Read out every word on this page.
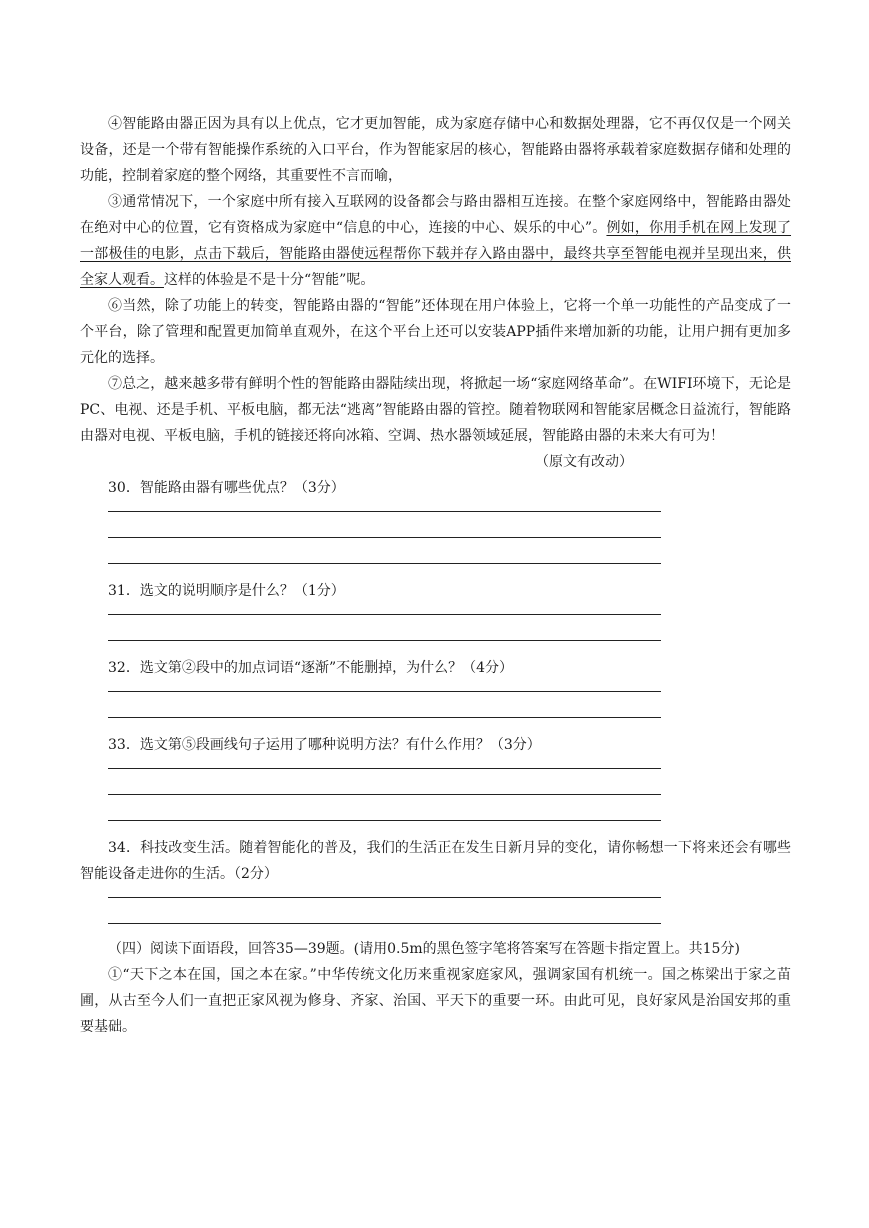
④智能路由器正因为具有以上优点，它才更加智能，成为家庭存储中心和数据处理器，它不再仅仅是一个网关设备，还是一个带有智能操作系统的入口平台，作为智能家居的核心，智能路由器将承载着家庭数据存储和处理的功能，控制着家庭的整个网络，其重要性不言而喻，

③通常情况下，一个家庭中所有接入互联网的设备都会与路由器相互连接。在整个家庭网络中，智能路由器处在绝对中心的位置，它有资格成为家庭中“信息的中心，连接的中心、娱乐的中心”。例如，你用手机在网上发现了一部极佳的电影，点击下载后，智能路由器使远程帮你下载并存入路由器中，最终共享至智能电视并呈现出来，供全家人观看。这样的体验是不是十分“智能”呢。

⑥当然，除了功能上的转变，智能路由器的“智能”还体现在用户体验上，它将一个单一功能性的产品变成了一个平台，除了管理和配置更加简单直观外，在这个平台上还可以安装APP插件来增加新的功能，让用户拥有更加多元化的选择。

⑦总之，越来越多带有鲜明个性的智能路由器陆续出现，将掀起一场“家庭网络革命”。在WIFI环境下，无论是PC、电视、还是手机、平板电脑，都无法“逃离”智能路由器的管控。随着物联网和智能家居概念日益流行，智能路由器对电视、平板电脑，手机的链接还将向冰箱、空调、热水器领域延展，智能路由器的未来大有可为！

（原文有改动）

30．智能路由器有哪些优点？（3分）

31．选文的说明顺序是什么？（1分）

32．选文第②段中的加点词语“逐渐”不能删掉，为什么？（4分）

33．选文第⑤段画线句子运用了哪种说明方法？有什么作用？（3分）

34．科技改变生活。随着智能化的普及，我们的生活正在发生日新月异的变化，请你畅想一下将来还会有哪些智能设备走进你的生活。（2分）

（四）阅读下面语段，回答35—39题。(请用0.5m的黑色签字笔将答案写在答题卡指定置上。共15分)

①“天下之本在国，国之本在家。”中华传统文化历来重视家庭家风，强调家国有机统一。国之栋梁出于家之苗圃，从古至今人们一直把正家风视为修身、齐家、治国、平天下的重要一环。由此可见，良好家风是治国安邦的重要基础。
